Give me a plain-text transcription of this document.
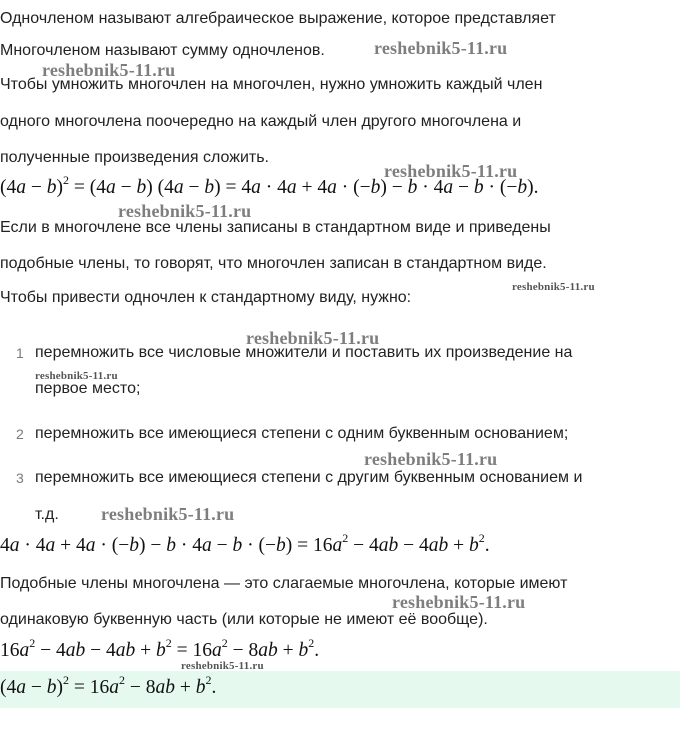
Одночленом называют алгебраическое выражение, которое представляет
Многочленом называют сумму одночленов.
Чтобы умножить многочлен на многочлен, нужно умножить каждый член
одного многочлена поочередно на каждый член другого многочлена и
полученные произведения сложить.
$(4a - b)^2 = (4a - b)$ (4a − b) = 4a · 4a + 4a · (−b) − b · 4a − b · (−b).
Если в многочлене все члены записаны в стандартном виде и приведены
подобные члены, то говорят, что многочлен записан в стандартном виде.
Чтобы привести одночлен к стандартному виду, нужно:
1 перемножить все числовые множители и поставить их произведение на
первое место;
2 перемножить все имеющиеся степени с одним буквенным основанием;
3 перемножить все имеющиеся степени с другим буквенным основанием и
т.д.
$4a \cdot 4a + 4a \cdot (-b) - b \cdot 4a - b \cdot (-b) = 16a^2 - 4ab - 4ab + b^2$.
Подобные члены многочлена — это слагаемые многочлена, которые имеют
одинаковую буквенную часть (или которые не имеют её вообще).
$16a^2 - 4ab - 4ab + b^2 = 16a^2 - 8ab + b^2$.
$(4a - b)^2 = 16a^2 - 8ab + b^2$.
reshebnik5-11.ru
reshebnik5-11.ru
reshebnik5-11.ru
reshebnik5-11.ru
reshebnik5-11.ru
reshebnik5-11.ru
reshebnik5-11.ru
reshebnik5-11.ru
reshebnik5-11.ru
reshebnik5-11.ru
reshebnik5-11.ru
